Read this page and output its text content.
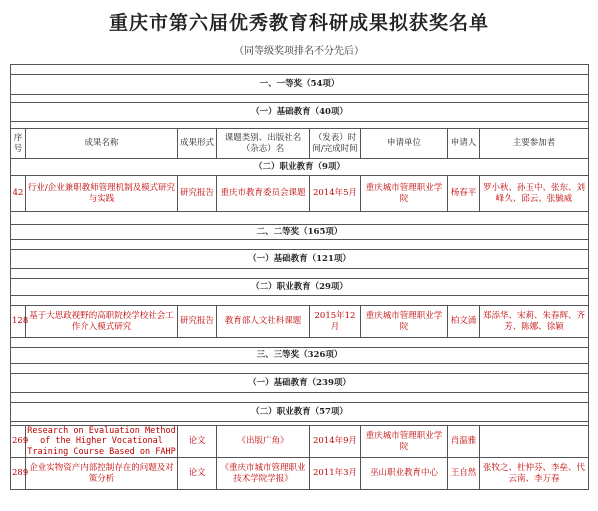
重庆市第六届优秀教育科研成果拟获奖名单
（同等级奖项排名不分先后）

一、一等奖（54项）							

（一）基础教育（40项）							

序号	成果名称	成果形式	课题类别、出版社名（杂志）名	（发表）时间/完成时间	申请单位	申请人	主要参加者
（二）职业教育（9项）							
42	行业/企业兼职教师管理机制及模式研究与实践	研究报告	重庆市教育委员会课题	2014年5月	重庆城市管理职业学院	杨春平	罗小秋、孙玉中、张东、刘峰久、邱云、张毓威

二、二等奖（165项）							

（一）基础教育（121项）							

（二）职业教育（29项）							

128	基于大思政视野的高职院校学校社会工作介入模式研究	研究报告	教育部人文社科课题	2015年12月	重庆城市管理职业学院	柏文涌	郑添华、宋莉、朱春辉、齐芳、陈娜、徐颖

三、三等奖（326项）							

（一）基础教育（239项）							

（二）职业教育（57项）							

269	Research on Evaluation Method of the Higher Vocational Training Course Based on FAHP	论文	《出版广角》	2014年9月	重庆城市管理职业学院	肖温雅	
289	企业实物资产内部控制存在的问题及对策分析	论文	《重庆市城市管理职业技术学院学报》	2011年3月	巫山职业教育中心	王自然	张牧之、杜仲芬、李垒、代云南、李万春
